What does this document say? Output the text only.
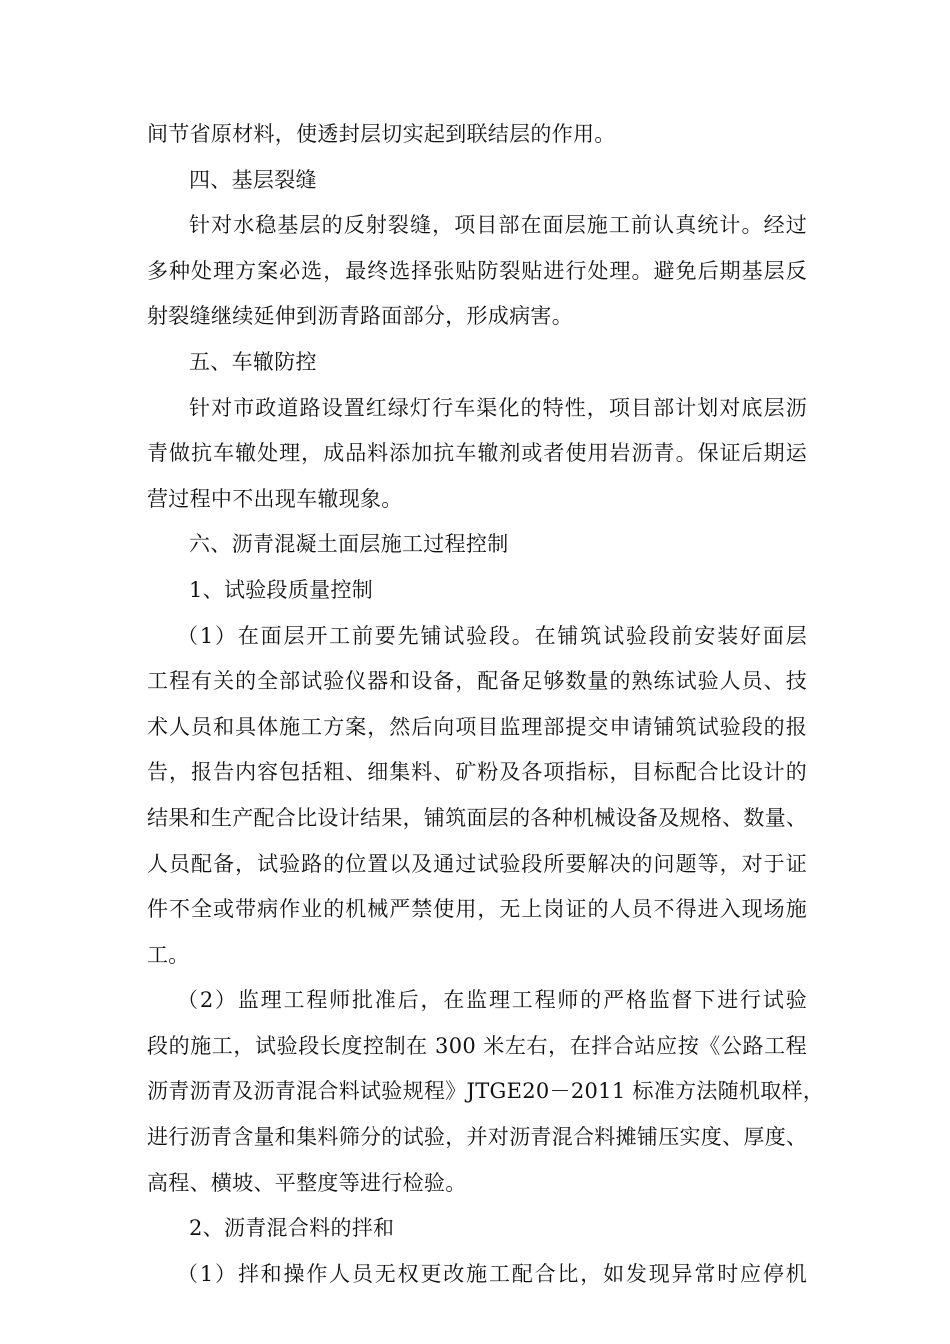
间节省原材料，使透封层切实起到联结层的作用。
四、基层裂缝
针对水稳基层的反射裂缝，项目部在面层施工前认真统计。经过
多种处理方案必选，最终选择张贴防裂贴进行处理。避免后期基层反
射裂缝继续延伸到沥青路面部分，形成病害。
五、车辙防控
针对市政道路设置红绿灯行车渠化的特性，项目部计划对底层沥
青做抗车辙处理，成品料添加抗车辙剂或者使用岩沥青。保证后期运
营过程中不出现车辙现象。
六、沥青混凝土面层施工过程控制
1、试验段质量控制
（1）在面层开工前要先铺试验段。在铺筑试验段前安装好面层
工程有关的全部试验仪器和设备，配备足够数量的熟练试验人员、技
术人员和具体施工方案，然后向项目监理部提交申请铺筑试验段的报
告，报告内容包括粗、细集料、矿粉及各项指标，目标配合比设计的
结果和生产配合比设计结果，铺筑面层的各种机械设备及规格、数量、
人员配备，试验路的位置以及通过试验段所要解决的问题等，对于证
件不全或带病作业的机械严禁使用，无上岗证的人员不得进入现场施
工。
（2）监理工程师批准后，在监理工程师的严格监督下进行试验
段的施工，试验段长度控制在 300 米左右，在拌合站应按《公路工程
沥青沥青及沥青混合料试验规程》JTGE20－2011 标准方法随机取样，
进行沥青含量和集料筛分的试验，并对沥青混合料摊铺压实度、厚度、
高程、横坡、平整度等进行检验。
2、沥青混合料的拌和
（1）拌和操作人员无权更改施工配合比，如发现异常时应停机
